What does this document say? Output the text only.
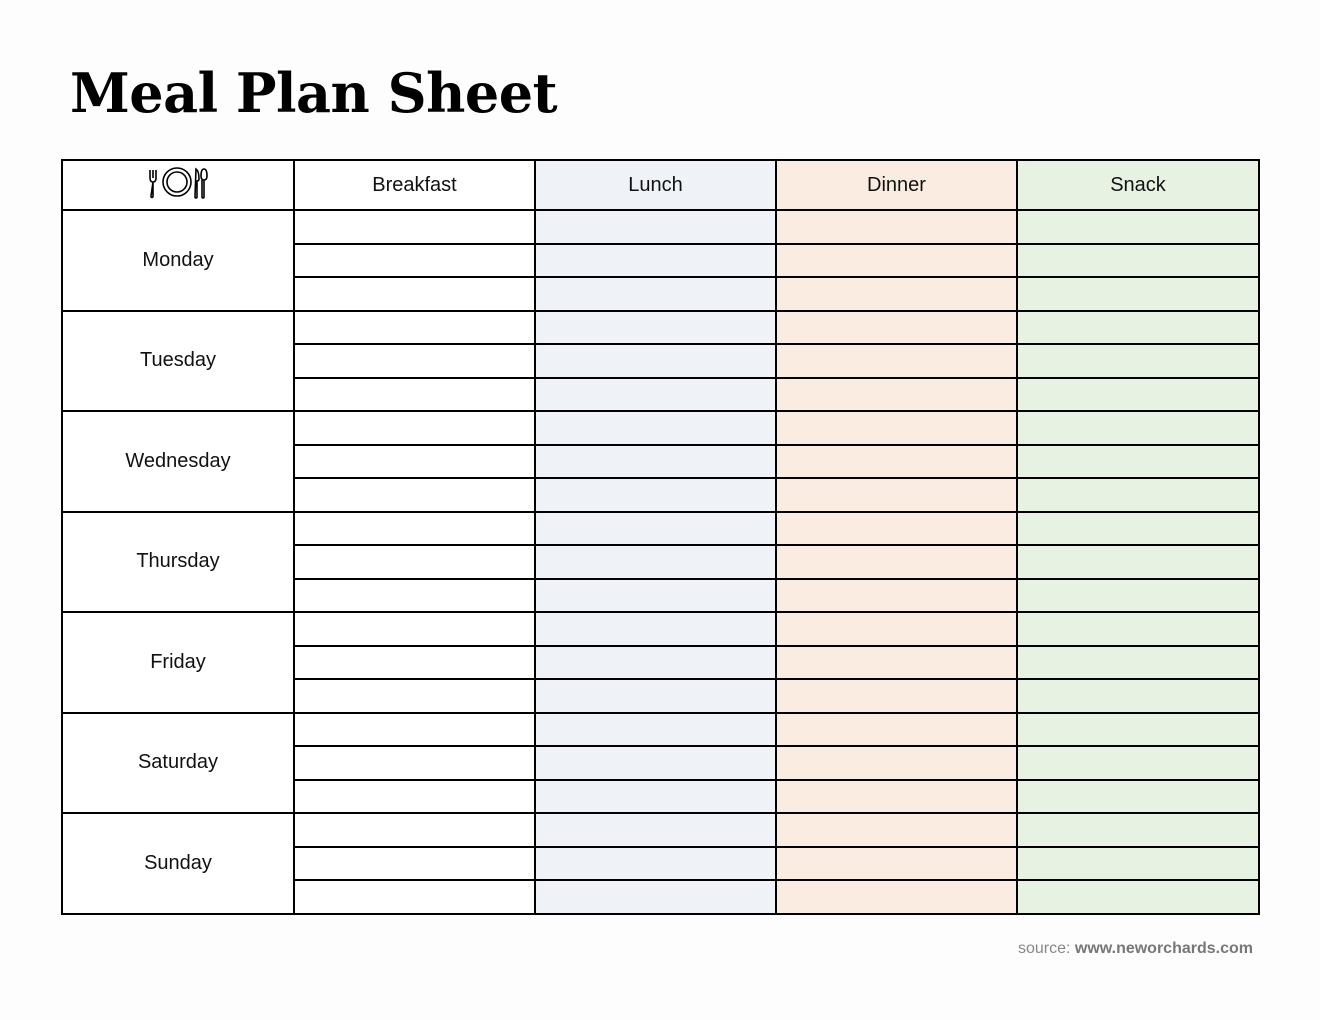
Meal Plan Sheet
	Breakfast	Lunch	Dinner	Snack
Monday				

Tuesday				

Wednesday				

Thursday				

Friday				

Saturday				

Sunday				

source: www.neworchards.com
